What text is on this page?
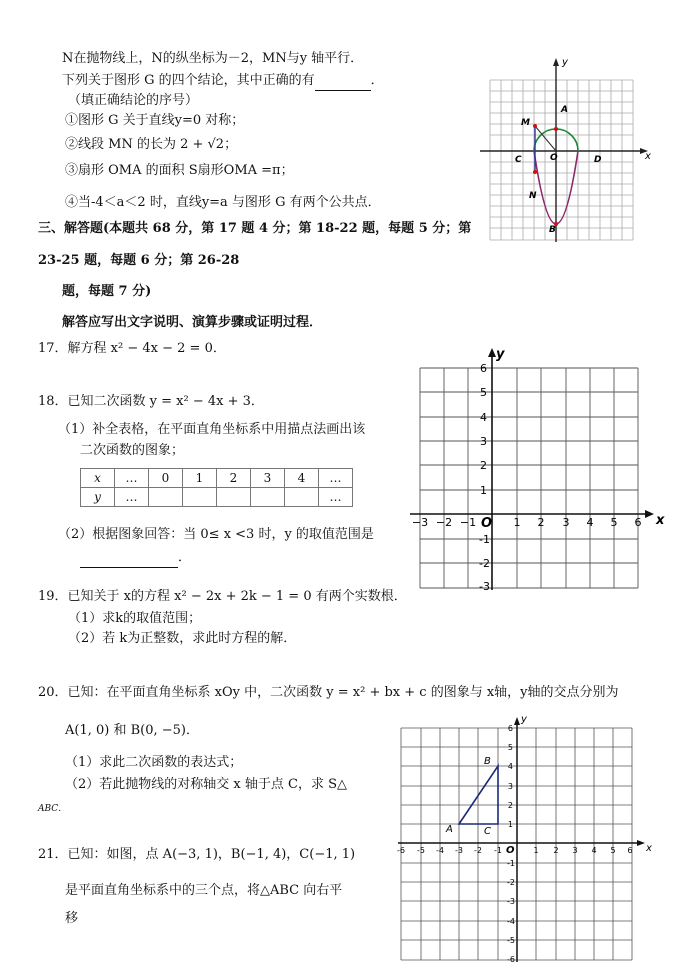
N在抛物线上，N的纵坐标为－2，MN与y 轴平行．
下列关于图形 G 的四个结论，其中正确的有	．
（填正确结论的序号）
①图形 G 关于直线y=0 对称；
②线段 MN 的长为 2 + √2；
③扇形 OMA 的面积 S扇形OMA =π；
④当-4＜a＜2 时，直线y=a 与图形 G 有两个公共点．
三、解答题(本题共 68 分，第 17 题 4 分；第 18-22 题，每题 5 分；第
23-25 题，每题 6 分；第 26-28
题，每题 7 分)
解答应写出文字说明、演算步骤或证明过程．
17．解方程 x² − 4x − 2 = 0．
18．已知二次函数 y = x² − 4x + 3．
（1）补全表格，在平面直角坐标系中用描点法画出该
二次函数的图象；
x	…	0	1	2	3	4	…
y	…						…
（2）根据图象回答：当 0≤ x <3 时，y 的取值范围是
．
19．已知关于 x的方程 x² − 2x + 2k − 1 = 0 有两个实数根．
（1）求k的取值范围；
（2）若 k为正整数，求此时方程的解．
20．已知：在平面直角坐标系 xOy 中，二次函数 y = x² + bx + c 的图象与 x轴，y轴的交点分别为
A(1, 0) 和 B(0, −5)．
（1）求此二次函数的表达式；
（2）若此抛物线的对称轴交 x 轴于点 C，求 S△
ABC．
21．已知：如图，点 A(−3, 1)，B(−1, 4)，C(−1, 1)
是平面直角坐标系中的三个点，将△ABC 向右平
移
x
y
A
M
C	O	D
N
B
−3 −2 −1	1 2 3 4 5 6
6
5
4
3
2
1
-1
-2
-3
O	x
y
-6 -5 -4 -3 -2 -1	1 2 3 4 5 6
6
5
4
3
2
1
-1
-2
-3
-4
-5
-6
A
B
C
O	x
y
